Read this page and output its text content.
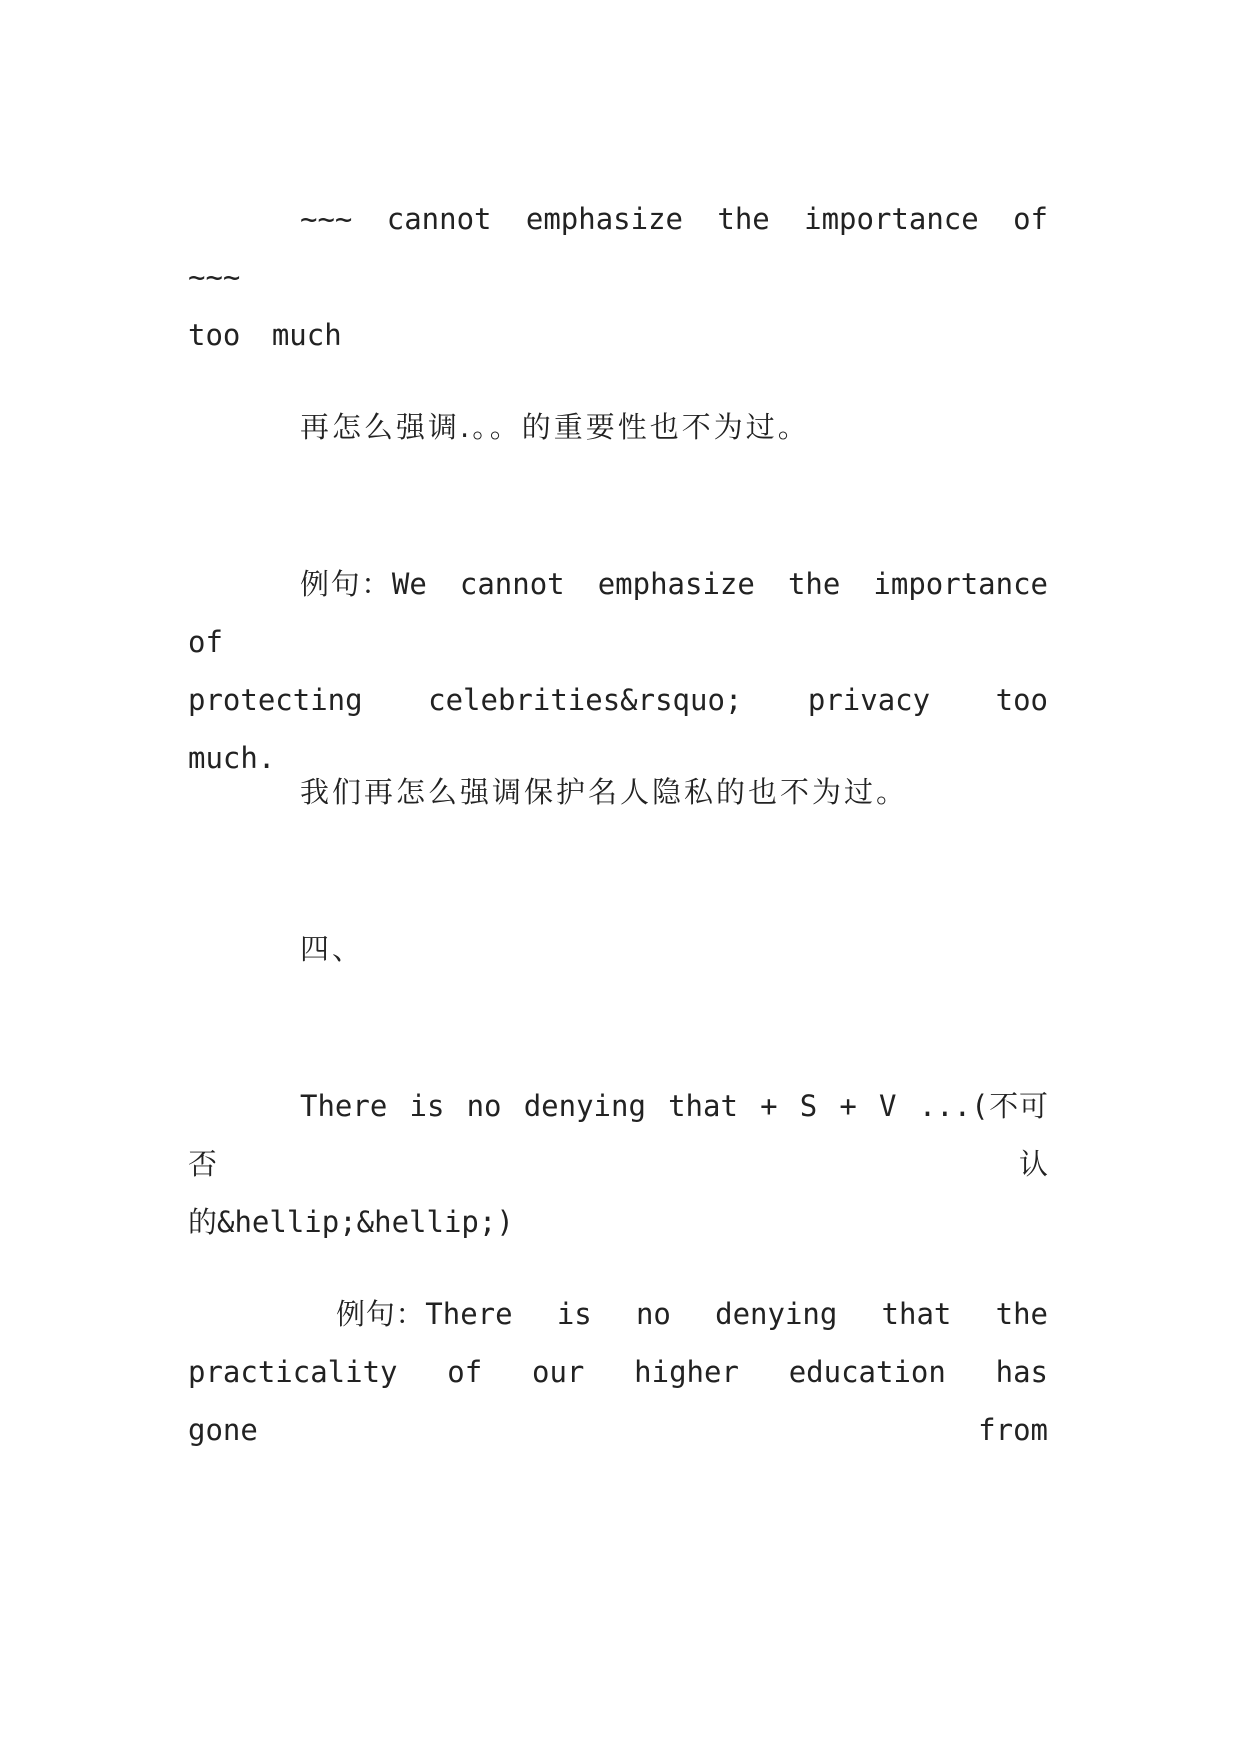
~~~ cannot emphasize the importance of ~~~
too much
再怎么强调.。。的重要性也不为过。
例句：We cannot emphasize the importance of
protecting celebrities&rsquo; privacy too much.
我们再怎么强调保护名人隐私的也不为过。
四、
There is no denying that + S + V ...(不可否认
的&hellip;&hellip;)
例句：There is no denying that the
practicality of our higher education has gone from
